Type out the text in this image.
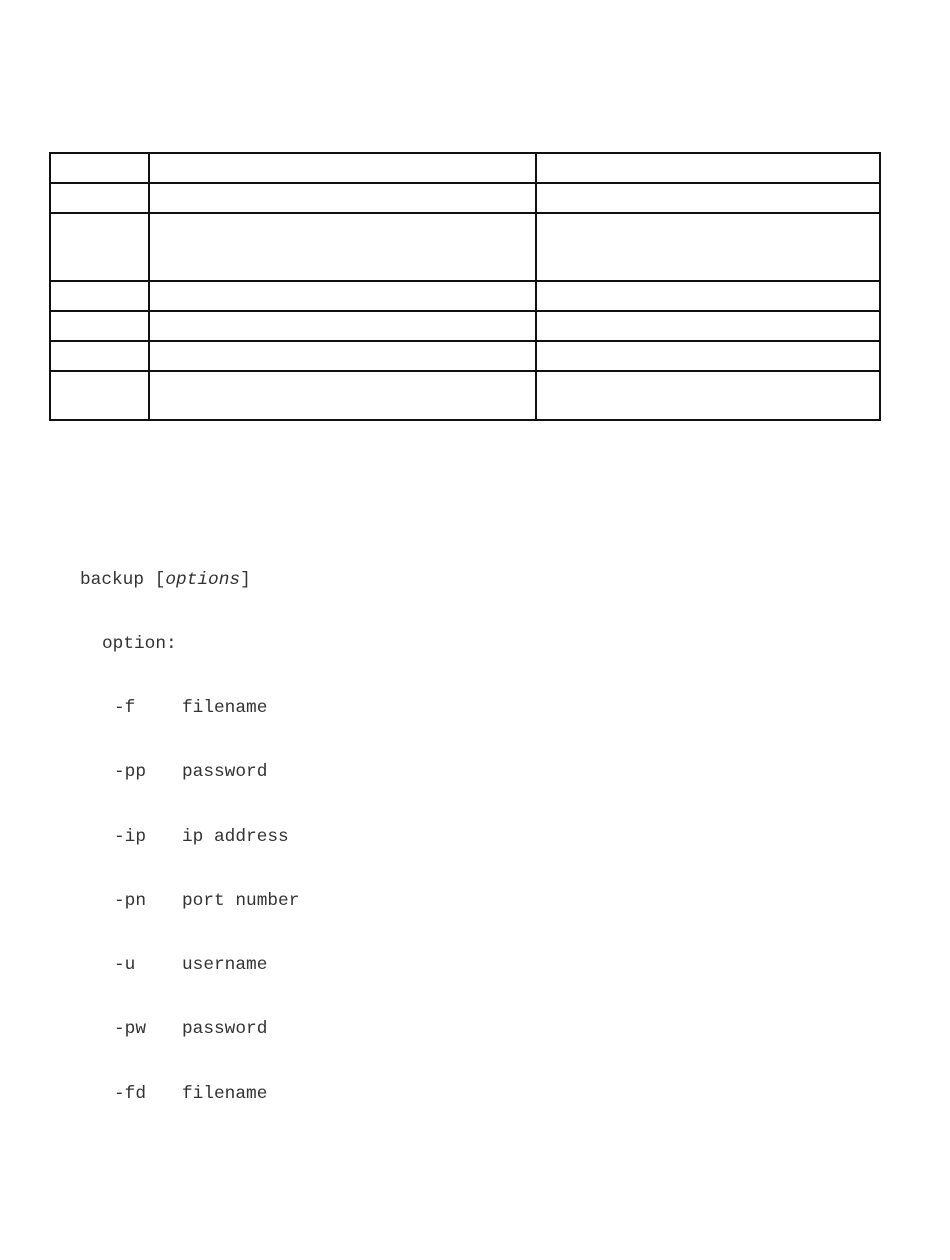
backup [options]

option:

-f	filename

-pp password

-ip ip address

-pn port number

-u	username

-pw password

-fd filename
